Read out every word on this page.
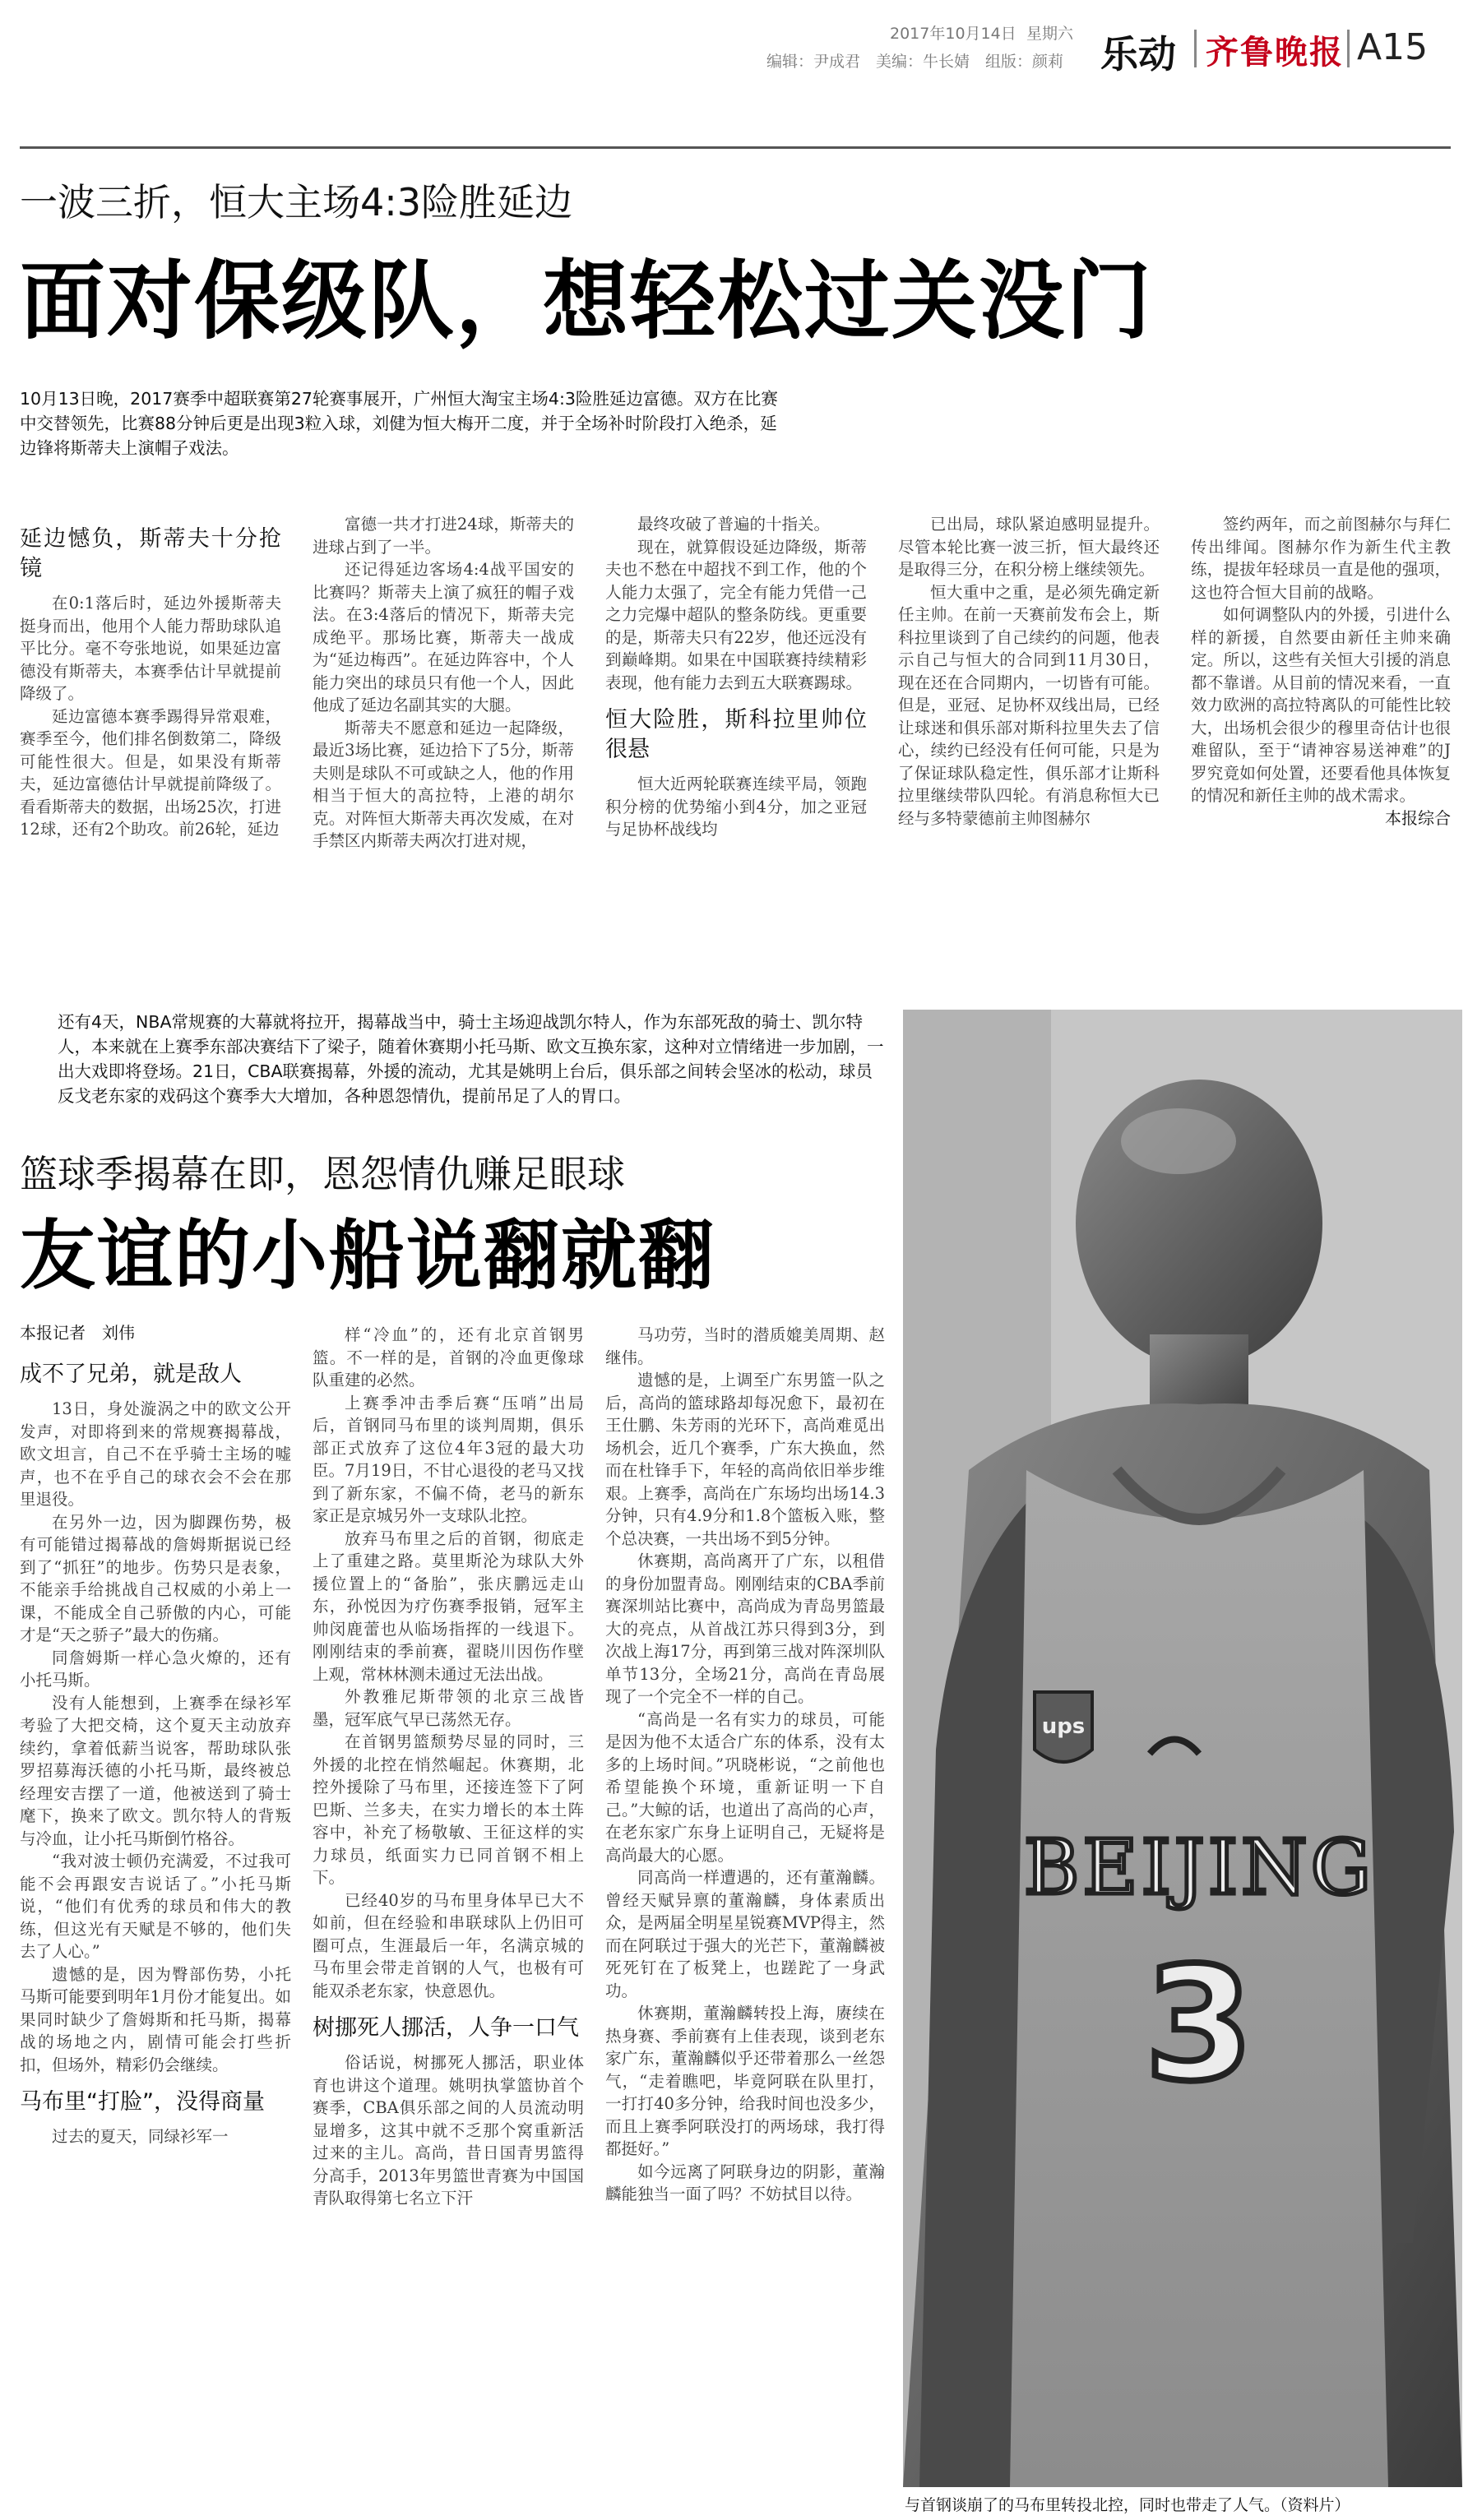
2017年10月14日 星期六
编辑：尹成君　美编：牛长婧　组版：颜莉 乐动 齐鲁晚报 A15
一波三折，恒大主场4:3险胜延边
面对保级队，想轻松过关没门
10月13日晚，2017赛季中超联赛第27轮赛事展开，广州恒大淘宝主场4:3险胜延边富德。双方在比赛中交替领先，比赛88分钟后更是出现3粒入球，刘健为恒大梅开二度，并于全场补时阶段打入绝杀，延边锋将斯蒂夫上演帽子戏法。

延边憾负，斯蒂夫十分抢镜

在0:1落后时，延边外援斯蒂夫挺身而出，他用个人能力帮助球队追平比分。毫不夸张地说，如果延边富德没有斯蒂夫，本赛季估计早就提前降级了。

延边富德本赛季踢得异常艰难，赛季至今，他们排名倒数第二，降级可能性很大。但是，如果没有斯蒂夫，延边富德估计早就提前降级了。看看斯蒂夫的数据，出场25次，打进12球，还有2个助攻。前26轮，延边

富德一共才打进24球，斯蒂夫的进球占到了一半。

还记得延边客场4:4战平国安的比赛吗？斯蒂夫上演了疯狂的帽子戏法。在3:4落后的情况下，斯蒂夫完成绝平。那场比赛，斯蒂夫一战成为“延边梅西”。在延边阵容中，个人能力突出的球员只有他一个人，因此他成了延边名副其实的大腿。

斯蒂夫不愿意和延边一起降级，最近3场比赛，延边拾下了5分，斯蒂夫则是球队不可或缺之人，他的作用相当于恒大的高拉特，上港的胡尔克。对阵恒大斯蒂夫再次发威，在对手禁区内斯蒂夫两次打进对规，

最终攻破了普遍的十指关。

现在，就算假设延边降级，斯蒂夫也不愁在中超找不到工作，他的个人能力太强了，完全有能力凭借一己之力完爆中超队的整条防线。更重要的是，斯蒂夫只有22岁，他还远没有到巅峰期。如果在中国联赛持续精彩表现，他有能力去到五大联赛踢球。

恒大险胜，斯科拉里帅位很悬

恒大近两轮联赛连续平局，领跑积分榜的优势缩小到4分，加之亚冠与足协杯战线均

已出局，球队紧迫感明显提升。尽管本轮比赛一波三折，恒大最终还是取得三分，在积分榜上继续领先。

恒大重中之重，是必须先确定新任主帅。在前一天赛前发布会上，斯科拉里谈到了自己续约的问题，他表示自己与恒大的合同到11月30日，现在还在合同期内，一切皆有可能。但是，亚冠、足协杯双线出局，已经让球迷和俱乐部对斯科拉里失去了信心，续约已经没有任何可能，只是为了保证球队稳定性，俱乐部才让斯科拉里继续带队四轮。有消息称恒大已经与多特蒙德前主帅图赫尔

签约两年，而之前图赫尔与拜仁传出绯闻。图赫尔作为新生代主教练，提拔年轻球员一直是他的强项，这也符合恒大目前的战略。

如何调整队内的外援，引进什么样的新援，自然要由新任主帅来确定。所以，这些有关恒大引援的消息都不靠谱。从目前的情况来看，一直效力欧洲的高拉特离队的可能性比较大，出场机会很少的穆里奇估计也很难留队，至于“请神容易送神难”的J罗究竟如何处置，还要看他具体恢复的情况和新任主帅的战术需求。

本报综合

还有4天，NBA常规赛的大幕就将拉开，揭幕战当中，骑士主场迎战凯尔特人，作为东部死敌的骑士、凯尔特人，本来就在上赛季东部决赛结下了梁子，随着休赛期小托马斯、欧文互换东家，这种对立情绪进一步加剧，一出大戏即将登场。21日，CBA联赛揭幕，外援的流动，尤其是姚明上台后，俱乐部之间转会坚冰的松动，球员反戈老东家的戏码这个赛季大大增加，各种恩怨情仇，提前吊足了人的胃口。
篮球季揭幕在即，恩怨情仇赚足眼球
友谊的小船说翻就翻
本报记者　刘伟

成不了兄弟，就是敌人

13日，身处漩涡之中的欧文公开发声，对即将到来的常规赛揭幕战，欧文坦言，自己不在乎骑士主场的嘘声，也不在乎自己的球衣会不会在那里退役。

在另外一边，因为脚踝伤势，极有可能错过揭幕战的詹姆斯据说已经到了“抓狂”的地步。伤势只是表象，不能亲手给挑战自己权威的小弟上一课，不能成全自己骄傲的内心，可能才是“天之骄子”最大的伤痛。

同詹姆斯一样心急火燎的，还有小托马斯。

没有人能想到，上赛季在绿衫军考验了大把交椅，这个夏天主动放弃续约，拿着低薪当说客，帮助球队张罗招募海沃德的小托马斯，最终被总经理安吉摆了一道，他被送到了骑士麾下，换来了欧文。凯尔特人的背叛与冷血，让小托马斯倒竹格谷。

“我对波士顿仍充满爱，不过我可能不会再跟安吉说话了。”小托马斯说，“他们有优秀的球员和伟大的教练，但这光有天赋是不够的，他们失去了人心。”

遗憾的是，因为臀部伤势，小托马斯可能要到明年1月份才能复出。如果同时缺少了詹姆斯和托马斯，揭幕战的场地之内，剧情可能会打些折扣，但场外，精彩仍会继续。

马布里“打脸”，没得商量

过去的夏天，同绿衫军一

样“冷血”的，还有北京首钢男篮。不一样的是，首钢的冷血更像球队重建的必然。

上赛季冲击季后赛“压哨”出局后，首钢同马布里的谈判周期，俱乐部正式放弃了这位4年3冠的最大功臣。7月19日，不甘心退役的老马又找到了新东家，不偏不倚，老马的新东家正是京城另外一支球队北控。

放弃马布里之后的首钢，彻底走上了重建之路。莫里斯沦为球队大外援位置上的“备胎”，张庆鹏远走山东，孙悦因为疗伤赛季报销，冠军主帅闵鹿蕾也从临场指挥的一线退下。刚刚结束的季前赛，翟晓川因伤作壁上观，常林林测未通过无法出战。

外教雅尼斯带领的北京三战皆墨，冠军底气早已荡然无存。

在首钢男篮颓势尽显的同时，三外援的北控在悄然崛起。休赛期，北控外援除了马布里，还接连签下了阿巴斯、兰多夫，在实力增长的本土阵容中，补充了杨敬敏、王征这样的实力球员，纸面实力已同首钢不相上下。

已经40岁的马布里身体早已大不如前，但在经验和串联球队上仍旧可圈可点，生涯最后一年，名满京城的马布里会带走首钢的人气，也极有可能双杀老东家，快意恩仇。

树挪死人挪活，人争一口气

俗话说，树挪死人挪活，职业体育也讲这个道理。姚明执掌篮协首个赛季，CBA俱乐部之间的人员流动明显增多，这其中就不乏那个窝重新活过来的主儿。高尚，昔日国青男篮得分高手，2013年男篮世青赛为中国国青队取得第七名立下汗

马功劳，当时的潜质媲美周期、赵继伟。

遗憾的是，上调至广东男篮一队之后，高尚的篮球路却每况愈下，最初在王仕鹏、朱芳雨的光环下，高尚难觅出场机会，近几个赛季，广东大换血，然而在杜锋手下，年轻的高尚依旧举步维艰。上赛季，高尚在广东场均出场14.3分钟，只有4.9分和1.8个篮板入账，整个总决赛，一共出场不到5分钟。

休赛期，高尚离开了广东，以租借的身份加盟青岛。刚刚结束的CBA季前赛深圳站比赛中，高尚成为青岛男篮最大的亮点，从首战江苏只得到3分，到次战上海17分，再到第三战对阵深圳队单节13分，全场21分，高尚在青岛展现了一个完全不一样的自己。

“高尚是一名有实力的球员，可能是因为他不太适合广东的体系，没有太多的上场时间。”巩晓彬说，“之前他也希望能换个环境，重新证明一下自己。”大鲸的话，也道出了高尚的心声，在老东家广东身上证明自己，无疑将是高尚最大的心愿。

同高尚一样遭遇的，还有董瀚麟。曾经天赋异禀的董瀚麟，身体素质出众，是两届全明星星锐赛MVP得主，然而在阿联过于强大的光芒下，董瀚麟被死死钉在了板凳上，也蹉跎了一身武功。

休赛期，董瀚麟转投上海，赓续在热身赛、季前赛有上佳表现，谈到老东家广东，董瀚麟似乎还带着那么一丝怨气，“走着瞧吧，毕竟阿联在队里打，一打打40多分钟，给我时间也没多少，而且上赛季阿联没打的两场球，我打得都挺好。”

如今远离了阿联身边的阴影，董瀚麟能独当一面了吗？不妨拭目以待。

ups
BEIJING
3
与首钢谈崩了的马布里转投北控，同时也带走了人气。（资料片）
